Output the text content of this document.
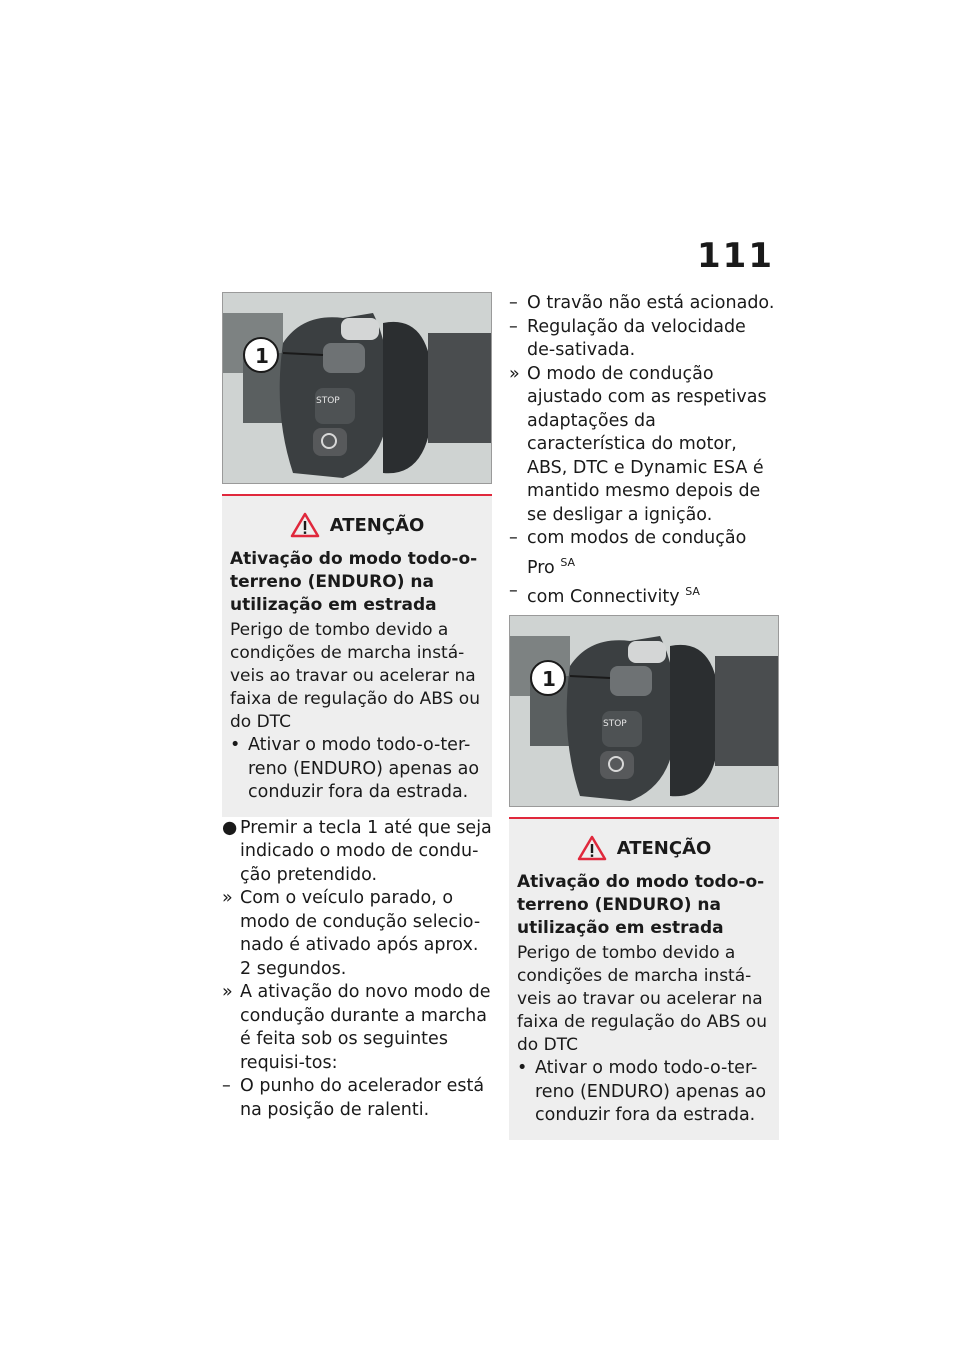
111
STOP
1
ATENÇÃO

Ativação do modo todo-o-terreno (ENDURO) na utilização em estrada

Perigo de tombo devido a condições de marcha instá-veis ao travar ou acelerar na faixa de regulação do ABS ou do DTC

• Ativar o modo todo-o-ter-reno (ENDURO) apenas ao conduzir fora da estrada.
● Premir a tecla 1 até que seja indicado o modo de condu-ção pretendido.
» Com o veículo parado, o modo de condução selecio-nado é ativado após aprox. 2 segundos.
» A ativação do novo modo de condução durante a marcha é feita sob os seguintes requisi-tos:
– O punho do acelerador está na posição de ralenti.
– O travão não está acionado.
– Regulação da velocidade de-sativada.
» O modo de condução ajustado com as respetivas adaptações da característica do motor, ABS, DTC e Dynamic ESA é mantido mesmo depois de se desligar a ignição.
– com modos de condução Pro $^{SA}$
– com Connectivity $^{SA}$
STOP
1
ATENÇÃO

Ativação do modo todo-o-terreno (ENDURO) na utilização em estrada

Perigo de tombo devido a condições de marcha instá-veis ao travar ou acelerar na faixa de regulação do ABS ou do DTC

• Ativar o modo todo-o-ter-reno (ENDURO) apenas ao conduzir fora da estrada.
